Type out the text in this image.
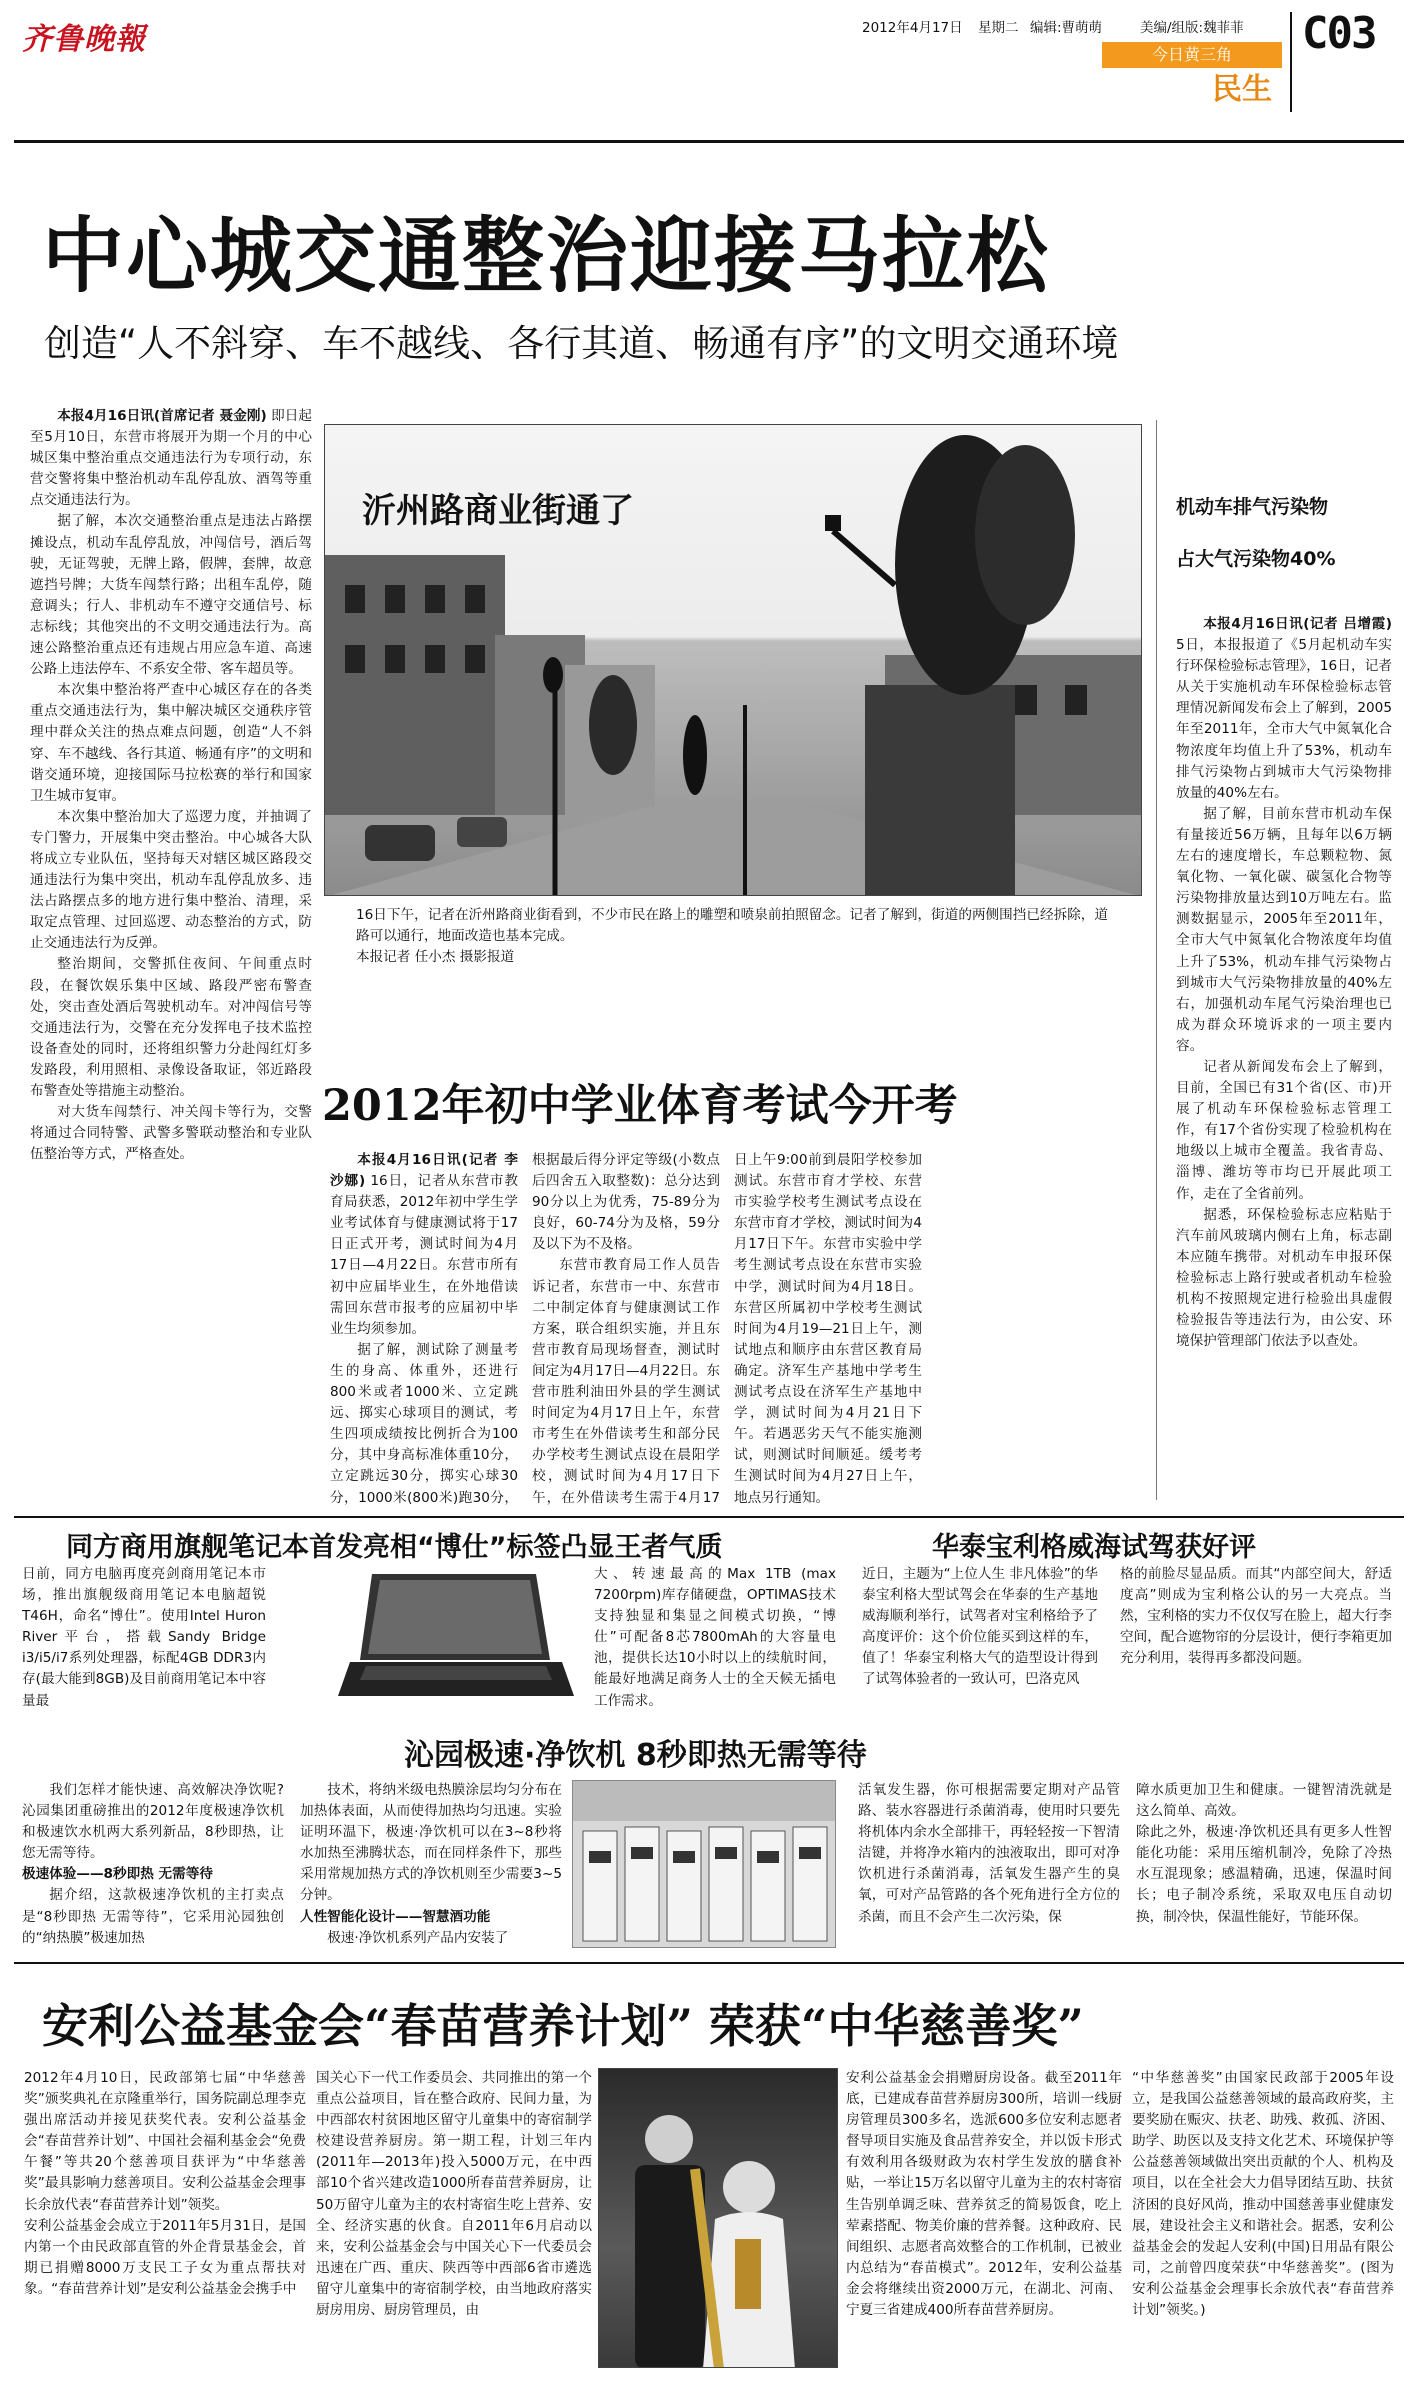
齐鲁晚報	2012年4月17日 星期二 编辑:曹萌萌	美编/组版:魏菲菲
今日黄三角
民生
C03
中心城交通整治迎接马拉松
创造“人不斜穿、车不越线、各行其道、畅通有序”的文明交通环境

本报4月16日讯(首席记者 聂金刚) 即日起至5月10日，东营市将展开为期一个月的中心城区集中整治重点交通违法行为专项行动，东营交警将集中整治机动车乱停乱放、酒驾等重点交通违法行为。

据了解，本次交通整治重点是违法占路摆摊设点，机动车乱停乱放，冲闯信号，酒后驾驶，无证驾驶，无牌上路，假牌，套牌，故意遮挡号牌；大货车闯禁行路；出租车乱停，随意调头；行人、非机动车不遵守交通信号、标志标线；其他突出的不文明交通违法行为。高速公路整治重点还有违规占用应急车道、高速公路上违法停车、不系安全带、客车超员等。

本次集中整治将严查中心城区存在的各类重点交通违法行为，集中解决城区交通秩序管理中群众关注的热点难点问题，创造“人不斜穿、车不越线、各行其道、畅通有序”的文明和谐交通环境，迎接国际马拉松赛的举行和国家卫生城市复审。

本次集中整治加大了巡逻力度，并抽调了专门警力，开展集中突击整治。中心城各大队将成立专业队伍，坚持每天对辖区城区路段交通违法行为集中突出，机动车乱停乱放多、违法占路摆点多的地方进行集中整治、清理，采取定点管理、过回巡逻、动态整治的方式，防止交通违法行为反弹。

整治期间，交警抓住夜间、午间重点时段，在餐饮娱乐集中区域、路段严密布警查处，突击查处酒后驾驶机动车。对冲闯信号等交通违法行为，交警在充分发挥电子技术监控设备查处的同时，还将组织警力分赴闯红灯多发路段，利用照相、录像设备取证，邻近路段布警查处等措施主动整治。

对大货车闯禁行、冲关闯卡等行为，交警将通过合同特警、武警多警联动整治和专业队伍整治等方式，严格查处。

沂州路商业街通了
16日下午，记者在沂州路商业街看到，不少市民在路上的雕塑和喷泉前拍照留念。记者了解到，街道的两侧围挡已经拆除，道路可以通行，地面改造也基本完成。
本报记者 任小杰 摄影报道
2012年初中学业体育考试今开考

本报4月16日讯(记者 李沙娜) 16日，记者从东营市教育局获悉，2012年初中学生学业考试体育与健康测试将于17日正式开考，测试时间为4月17日—4月22日。东营市所有初中应届毕业生，在外地借读需回东营市报考的应届初中毕业生均须参加。

据了解，测试除了测量考生的身高、体重外，还进行800米或者1000米、立定跳远、掷实心球项目的测试，考生四项成绩按比例折合为100分，其中身高标准体重10分，立定跳远30分，掷实心球30分，1000米(800米)跑30分，根据最后得分评定等级(小数点后四舍五入取整数)：总分达到90分以上为优秀，75-89分为良好，60-74分为及格，59分及以下为不及格。

东营市教育局工作人员告诉记者，东营市一中、东营市二中制定体育与健康测试工作方案，联合组织实施，并且东营市教育局现场督查，测试时间定为4月17日—4月22日。东营市胜利油田外县的学生测试时间定为4月17日上午，东营市考生在外借读考生和部分民办学校考生测试点设在晨阳学校，测试时间为4月17日下午，在外借读考生需于4月17日上午9:00前到晨阳学校参加测试。东营市育才学校、东营市实验学校考生测试考点设在东营市育才学校，测试时间为4月17日下午。东营市实验中学考生测试考点设在东营市实验中学，测试时间为4月18日。东营区所属初中学校考生测试时间为4月19—21日上午，测试地点和顺序由东营区教育局确定。济军生产基地中学考生测试考点设在济军生产基地中学，测试时间为4月21日下午。若遇恶劣天气不能实施测试，则测试时间顺延。缓考考生测试时间为4月27日上午，地点另行通知。

机动车排气污染物
占大气污染物40%

本报4月16日讯(记者 吕增霞) 5日，本报报道了《5月起机动车实行环保检验标志管理》，16日，记者从关于实施机动车环保检验标志管理情况新闻发布会上了解到，2005年至2011年，全市大气中氮氧化合物浓度年均值上升了53%，机动车排气污染物占到城市大气污染物排放量的40%左右。

据了解，目前东营市机动车保有量接近56万辆，且每年以6万辆左右的速度增长，车总颗粒物、氮氧化物、一氧化碳、碳氢化合物等污染物排放量达到10万吨左右。监测数据显示，2005年至2011年，全市大气中氮氧化合物浓度年均值上升了53%，机动车排气污染物占到城市大气污染物排放量的40%左右，加强机动车尾气污染治理也已成为群众环境诉求的一项主要内容。

记者从新闻发布会上了解到，目前，全国已有31个省(区、市)开展了机动车环保检验标志管理工作，有17个省份实现了检验机构在地级以上城市全覆盖。我省青岛、淄博、潍坊等市均已开展此项工作，走在了全省前列。

据悉，环保检验标志应粘贴于汽车前风玻璃内侧右上角，标志副本应随车携带。对机动车申报环保检验标志上路行驶或者机动车检验机构不按照规定进行检验出具虚假检验报告等违法行为，由公安、环境保护管理部门依法予以查处。

同方商用旗舰笔记本首发亮相“博仕”标签凸显王者气质
日前，同方电脑再度亮剑商用笔记本市场，推出旗舰级商用笔记本电脑超锐T46H，命名“博仕”。使用Intel Huron River平台，搭载Sandy Bridge i3/i5/i7系列处理器，标配4GB DDR3内存(最大能到8GB)及目前商用笔记本中容量最
大、转速最高的Max 1TB (max 7200rpm)库存储硬盘，OPTIMAS技术支持独显和集显之间模式切换，“博仕”可配备8芯7800mAh的大容量电池，提供长达10小时以上的续航时间，能最好地满足商务人士的全天候无插电工作需求。
华泰宝利格威海试驾获好评
近日，主题为“上位人生 非凡体验”的华泰宝利格大型试驾会在华泰的生产基地威海顺利举行，试驾者对宝利格给予了高度评价：这个价位能买到这样的车，值了！华泰宝利格大气的造型设计得到了试驾体验者的一致认可，巴洛克风
格的前脸尽显品质。而其“内部空间大，舒适度高”则成为宝利格公认的另一大亮点。当然，宝利格的实力不仅仅写在脸上，超大行李空间，配合遮物帘的分层设计，便行李箱更加充分利用，装得再多都没问题。
沁园极速·净饮机 8秒即热无需等待

我们怎样才能快速、高效解决净饮呢?沁园集团重磅推出的2012年度极速净饮机和极速饮水机两大系列新品，8秒即热，让您无需等待。

极速体验——8秒即热 无需等待

据介绍，这款极速净饮机的主打卖点是“8秒即热 无需等待”，它采用沁园独创的“纳热膜”极速加热

技术，将纳米级电热膜涂层均匀分布在加热体表面，从而使得加热均匀迅速。实验证明环温下，极速·净饮机可以在3~8秒将水加热至沸腾状态，而在同样条件下，那些采用常规加热方式的净饮机则至少需要3~5分钟。

人性智能化设计——智慧酒功能

极速·净饮机系列产品内安装了

活氧发生器，你可根据需要定期对产品管路、装水容器进行杀菌消毒，使用时只要先将机体内余水全部排干，再轻轻按一下智清洁键，并将净水箱内的浊液取出，即可对净饮机进行杀菌消毒，活氧发生器产生的臭氧，可对产品管路的各个死角进行全方位的杀菌，而且不会产生二次污染，保
障水质更加卫生和健康。一键智清洗就是这么简单、高效。
除此之外，极速·净饮机还具有更多人性智能化功能：采用压缩机制冷，免除了冷热水互混现象；感温精确，迅速，保温时间长；电子制冷系统，采取双电压自动切换，制冷快，保温性能好，节能环保。
安利公益基金会“春苗营养计划” 荣获“中华慈善奖”
2012年4月10日，民政部第七届“中华慈善奖”颁奖典礼在京隆重举行，国务院副总理李克强出席活动并接见获奖代表。安利公益基金会“春苗营养计划”、中国社会福利基金会“免费午餐”等共20个慈善项目获评为“中华慈善奖”最具影响力慈善项目。安利公益基金会理事长余放代表“春苗营养计划”领奖。
安利公益基金会成立于2011年5月31日，是国内第一个由民政部直管的外企背景基金会，首期已捐赠8000万支民工子女为重点帮扶对象。“春苗营养计划”是安利公益基金会携手中
国关心下一代工作委员会、共同推出的第一个重点公益项目，旨在整合政府、民间力量，为中西部农村贫困地区留守儿童集中的寄宿制学校建设营养厨房。第一期工程，计划三年内(2011年—2013年)投入5000万元，在中西部10个省兴建改造1000所春苗营养厨房，让50万留守儿童为主的农村寄宿生吃上营养、安全、经济实惠的伙食。自2011年6月启动以来，安利公益基金会与中国关心下一代委员会迅速在广西、重庆、陕西等中西部6省市遴选留守儿童集中的寄宿制学校，由当地政府落实厨房用房、厨房管理员，由
安利公益基金会捐赠厨房设备。截至2011年底，已建成春苗营养厨房300所，培训一线厨房管理员300多名，选派600多位安利志愿者督导项目实施及食品营养安全，并以饭卡形式有效利用各级财政为农村学生发放的膳食补贴，一举让15万名以留守儿童为主的农村寄宿生告别单调乏味、营养贫乏的简易饭食，吃上荤素搭配、物美价廉的营养餐。这种政府、民间组织、志愿者高效整合的工作机制，已被业内总结为“春苗模式”。2012年，安利公益基金会将继续出资2000万元，在湖北、河南、宁夏三省建成400所春苗营养厨房。
“中华慈善奖”由国家民政部于2005年设立，是我国公益慈善领域的最高政府奖，主要奖励在赈灾、扶老、助残、救孤、济困、助学、助医以及支持文化艺术、环境保护等公益慈善领域做出突出贡献的个人、机构及项目，以在全社会大力倡导团结互助、扶贫济困的良好风尚，推动中国慈善事业健康发展，建设社会主义和谐社会。据悉，安利公益基金会的发起人安利(中国)日用品有限公司，之前曾四度荣获“中华慈善奖”。(图为安利公益基金会理事长余放代表“春苗营养计划”领奖。)
